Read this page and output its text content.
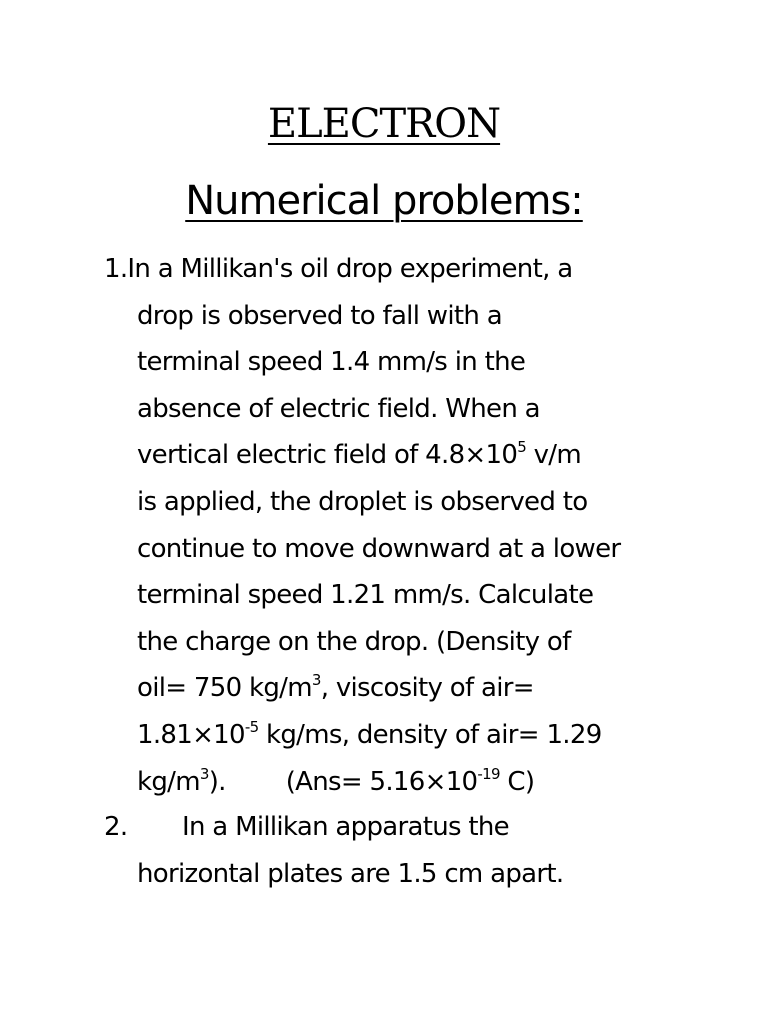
ELECTRON
Numerical problems:
1.In a Millikan's oil drop experiment, a
drop is observed to fall with a
terminal speed 1.4 mm/s in the
absence of electric field. When a
vertical electric field of $4.8\times 10^5$ v/m
is applied, the droplet is observed to
continue to move downward at a lower
terminal speed 1.21 mm/s. Calculate
the charge on the drop. (Density of
oil= 750 $kg/m^3$, viscosity of air=
$1.81\times 10^{-5}$ kg/ms, density of air= 1.29
$kg/m^3$). ($Ans= 5.16\times 10^{-19}$ C)
2. In a Millikan apparatus the
horizontal plates are 1.5 cm apart.
